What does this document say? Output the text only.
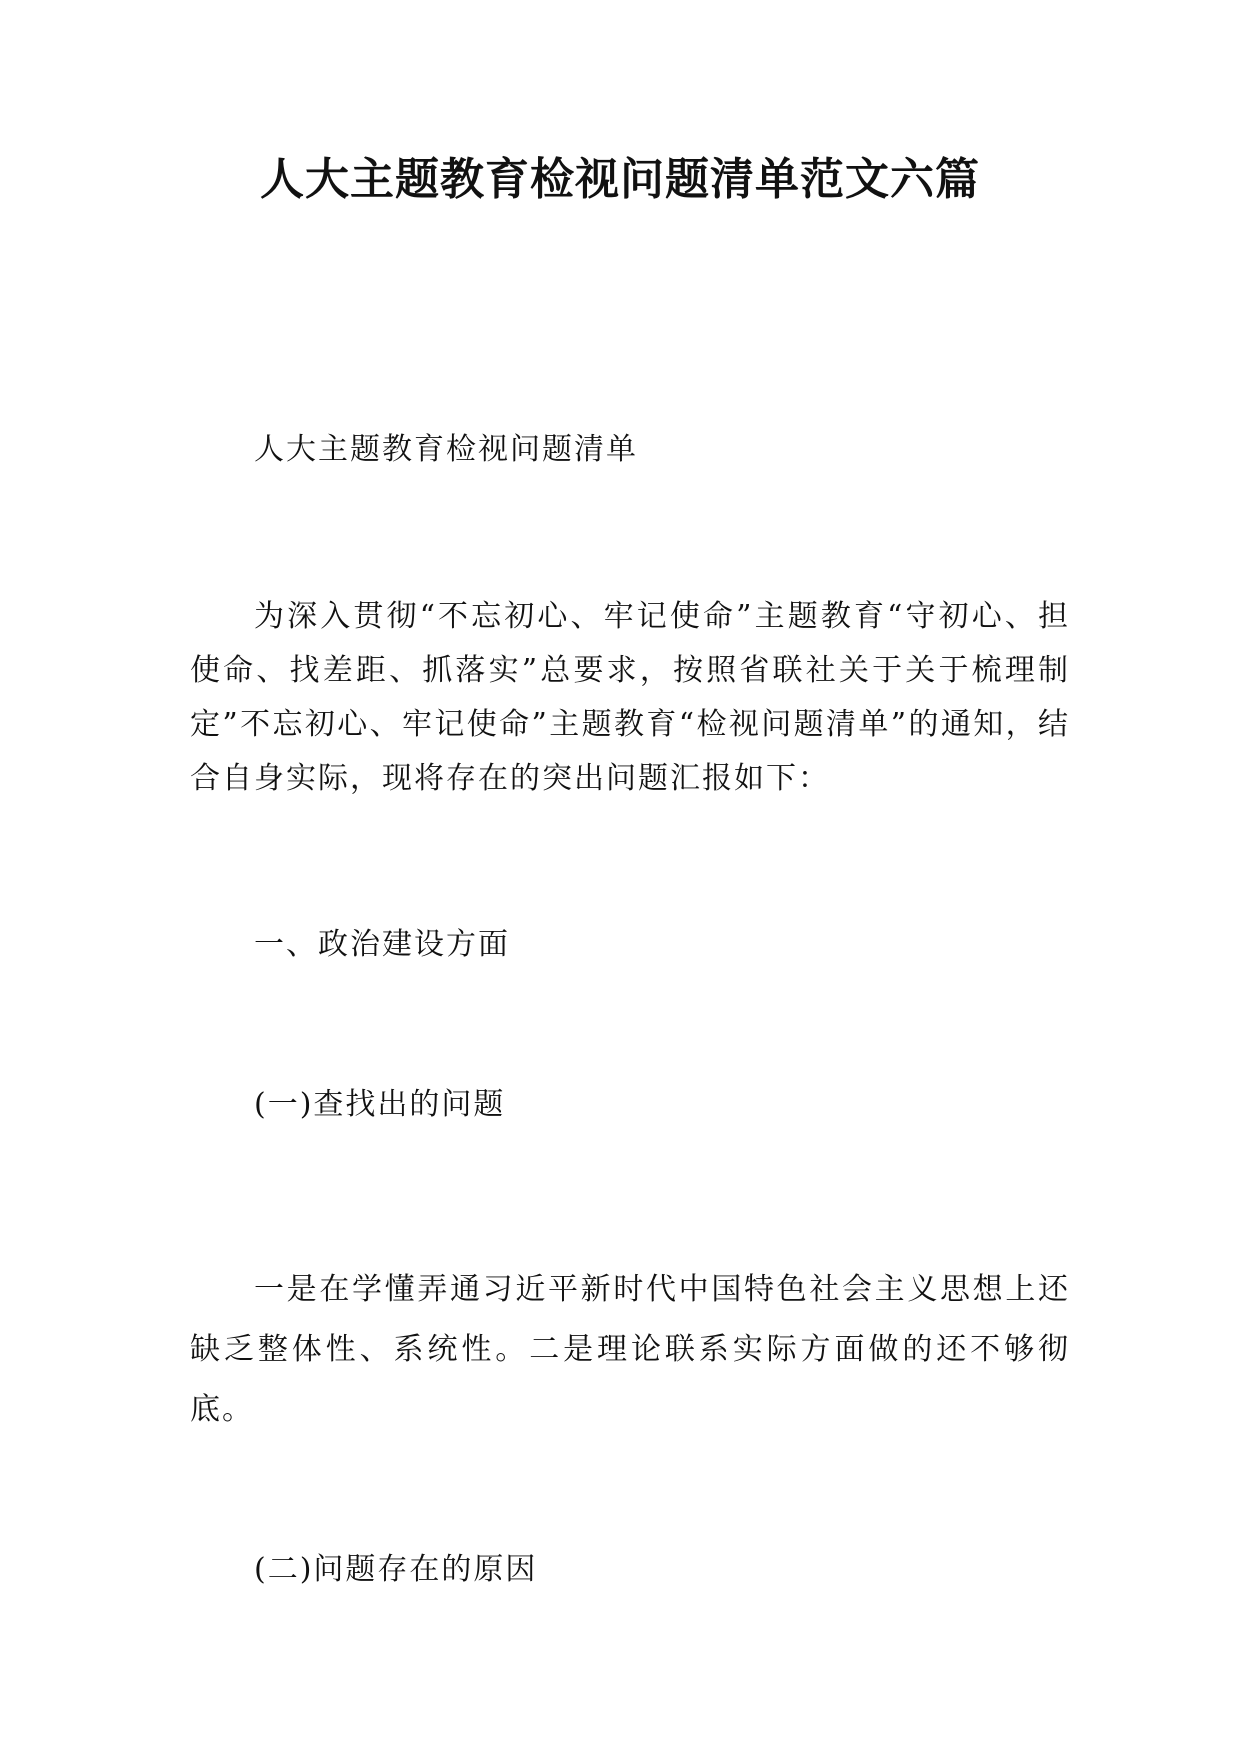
人大主题教育检视问题清单范文六篇

人大主题教育检视问题清单

为深入贯彻“不忘初心、牢记使命”主题教育“守初心、担使命、找差距、抓落实”总要求，按照省联社关于关于梳理制定”不忘初心、牢记使命”主题教育“检视问题清单”的通知，结合自身实际，现将存在的突出问题汇报如下：

一、政治建设方面

(一)查找出的问题

一是在学懂弄通习近平新时代中国特色社会主义思想上还缺乏整体性、系统性。二是理论联系实际方面做的还不够彻底。

(二)问题存在的原因
